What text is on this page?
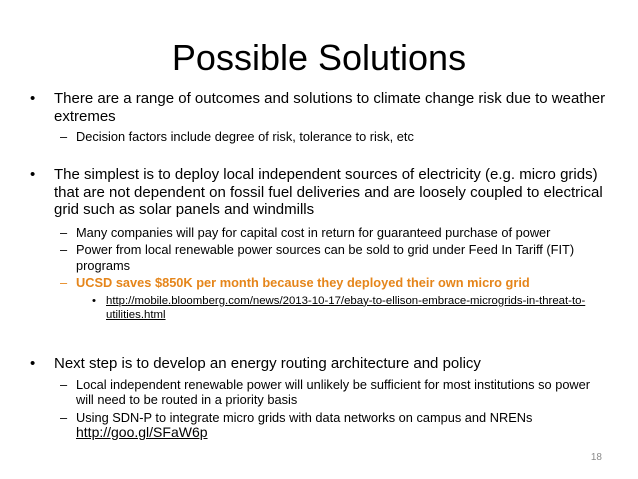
Possible Solutions
•	There are a range of outcomes and solutions to climate change risk due to weather extremes
– Decision factors include degree of risk, tolerance to risk, etc
•	The simplest is to deploy local independent sources of electricity (e.g. micro grids) that are not dependent on fossil fuel deliveries and are loosely coupled to electrical grid such as solar panels and windmills
– Many companies will pay for capital cost in return for guaranteed purchase of power
– Power from local renewable power sources can be sold to grid under Feed In Tariff (FIT) programs
– UCSD saves $850K per month because they deployed their own micro grid
• http://mobile.bloomberg.com/news/2013-10-17/ebay-to-ellison-embrace-microgrids-in-threat-to-utilities.html
•	Next step is to develop an energy routing architecture and policy
– Local independent renewable power will unlikely be sufficient for most institutions so power will need to be routed in a priority basis
– Using SDN-P to integrate micro grids with data networks on campus and NRENs
http://goo.gl/SFaW6p
18
